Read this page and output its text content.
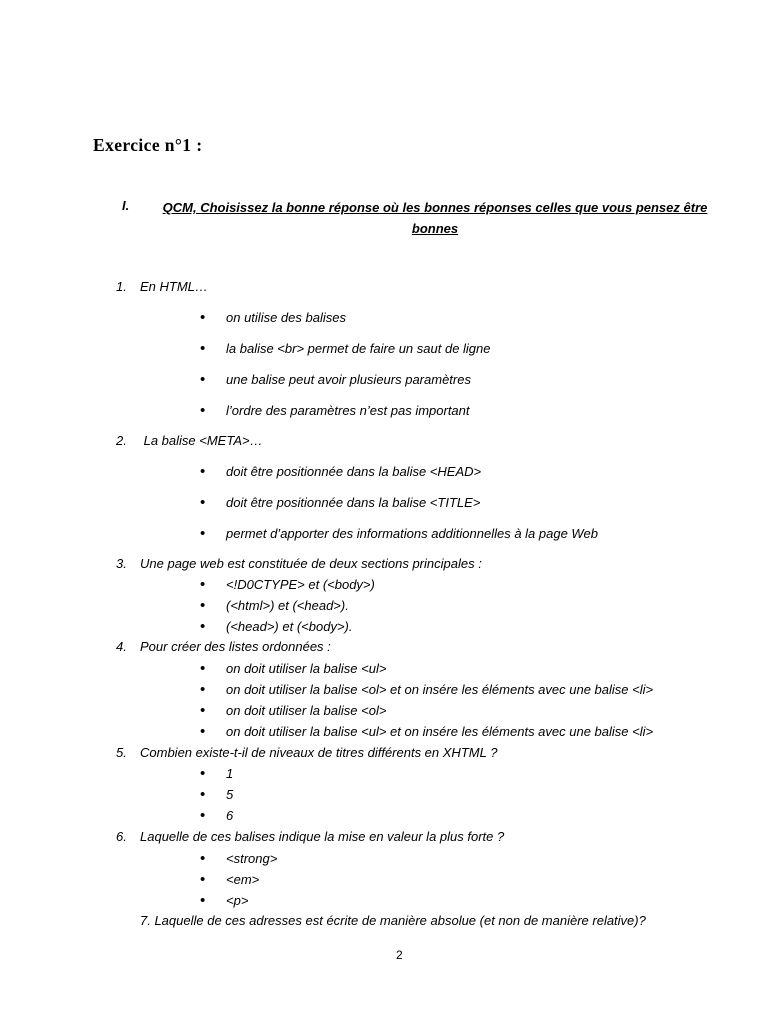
Exercice n°1 :
I.	QCM, Choisissez la bonne réponse où les bonnes réponses celles que vous pensez être bonnes
1. En HTML…
• on utilise des balises
• la balise <br> permet de faire un saut de ligne
• une balise peut avoir plusieurs paramètres
• l’ordre des paramètres n’est pas important
2. La balise <META>…
• doit être positionnée dans la balise <HEAD>
• doit être positionnée dans la balise <TITLE>
• permet d’apporter des informations additionnelles à la page Web
3. Une page web est constituée de deux sections principales :
• <!D0CTYPE> et (<body>)
• (<html>) et (<head>).
• (<head>) et (<body>).
4. Pour créer des listes ordonnées :
• on doit utiliser la balise <ul>
• on doit utiliser la balise <ol> et on insére les éléments avec une balise <li>
• on doit utiliser la balise <ol>
• on doit utiliser la balise <ul> et on insére les éléments avec une balise <li>
5. Combien existe-t-il de niveaux de titres différents en XHTML ?
• 1
• 5
• 6
6. Laquelle de ces balises indique la mise en valeur la plus forte ?
• <strong>
• <em>
• <p>
7. Laquelle de ces adresses est écrite de manière absolue (et non de manière relative)?
2
